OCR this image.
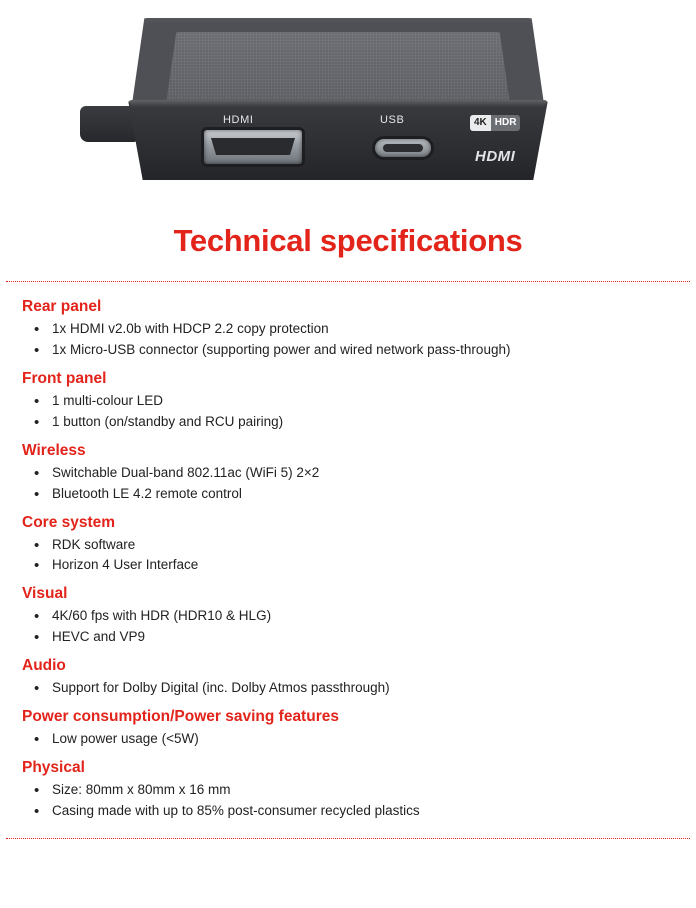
HDMI	USB	4K HDR
HDMI
Technical specifications
Rear panel
• 1x HDMI v2.0b with HDCP 2.2 copy protection
• 1x Micro-USB connector (supporting power and wired network pass-through)
Front panel
• 1 multi-colour LED
• 1 button (on/standby and RCU pairing)
Wireless
• Switchable Dual-band 802.11ac (WiFi 5) 2×2
• Bluetooth LE 4.2 remote control
Core system
• RDK software
• Horizon 4 User Interface
Visual
• 4K/60 fps with HDR (HDR10 & HLG)
• HEVC and VP9
Audio
• Support for Dolby Digital (inc. Dolby Atmos passthrough)
Power consumption/Power saving features
• Low power usage (<5W)
Physical
• Size: 80mm x 80mm x 16 mm
• Casing made with up to 85% post-consumer recycled plastics
